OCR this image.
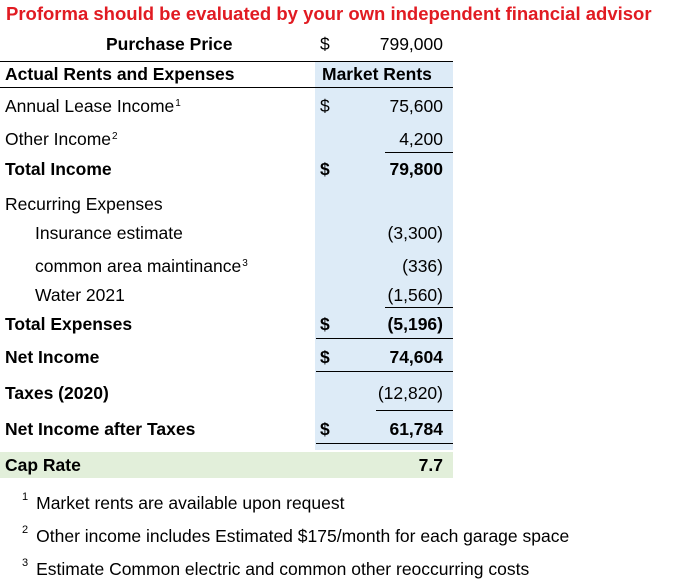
Proforma should be evaluated by your own independent financial advisor
Purchase Price	$	799,000
Actual Rents and Expenses	Market Rents
Annual Lease Income$^1$	$	75,600
Other Income$^2$	4,200
Total Income	$	79,800
Recurring Expenses
Insurance estimate	(3,300)
common area maintinance$^3$	(336)
Water 2021	(1,560)
Total Expenses	$	(5,196)
Net Income	$	74,604
Taxes (2020)	(12,820)
Net Income after Taxes	$	61,784
Cap Rate	7.7
$^1$ Market rents are available upon request
$^2$ Other income includes Estimated $175/month for each garage space
$^3$ Estimate Common electric and common other reoccurring costs
